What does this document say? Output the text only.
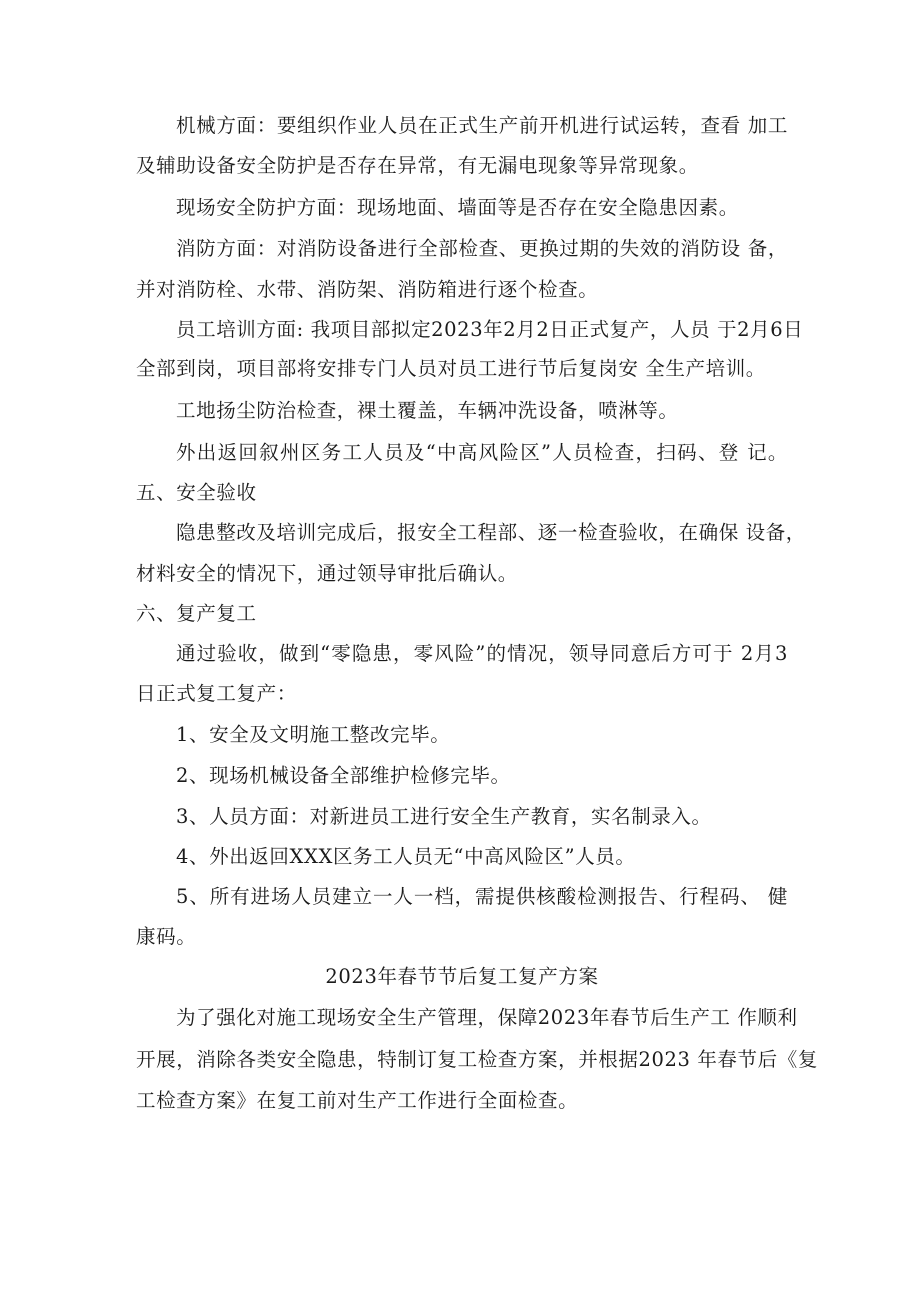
机械方面：要组织作业人员在正式生产前开机进行试运转，查看 加工
及辅助设备安全防护是否存在异常，有无漏电现象等异常现象。
现场安全防护方面：现场地面、墙面等是否存在安全隐患因素。
消防方面：对消防设备进行全部检查、更换过期的失效的消防设 备，
并对消防栓、水带、消防架、消防箱进行逐个检查。
员工培训方面: 我项目部拟定2023年2月2日正式复产，人员 于2月6日
全部到岗，项目部将安排专门人员对员工进行节后复岗安 全生产培训。
工地扬尘防治检查，裸土覆盖，车辆冲洗设备，喷淋等。
外出返回叙州区务工人员及“中高风险区”人员检查，扫码、登 记。
五、安全验收
隐患整改及培训完成后，报安全工程部、逐一检查验收，在确保 设备，
材料安全的情况下，通过领导审批后确认。
六、复产复工
通过验收，做到“零隐患，零风险”的情况，领导同意后方可于 2月3
日正式复工复产：
1、安全及文明施工整改完毕。
2、现场机械设备全部维护检修完毕。
3、人员方面：对新进员工进行安全生产教育，实名制录入。
4、外出返回XXX区务工人员无“中高风险区”人员。
5、所有进场人员建立一人一档，需提供核酸检测报告、行程码、 健
康码。
2023年春节节后复工复产方案
为了强化对施工现场安全生产管理，保障2023年春节后生产工 作顺利
开展，消除各类安全隐患，特制订复工检查方案，并根据2023 年春节后《复
工检查方案》在复工前对生产工作进行全面检查。
